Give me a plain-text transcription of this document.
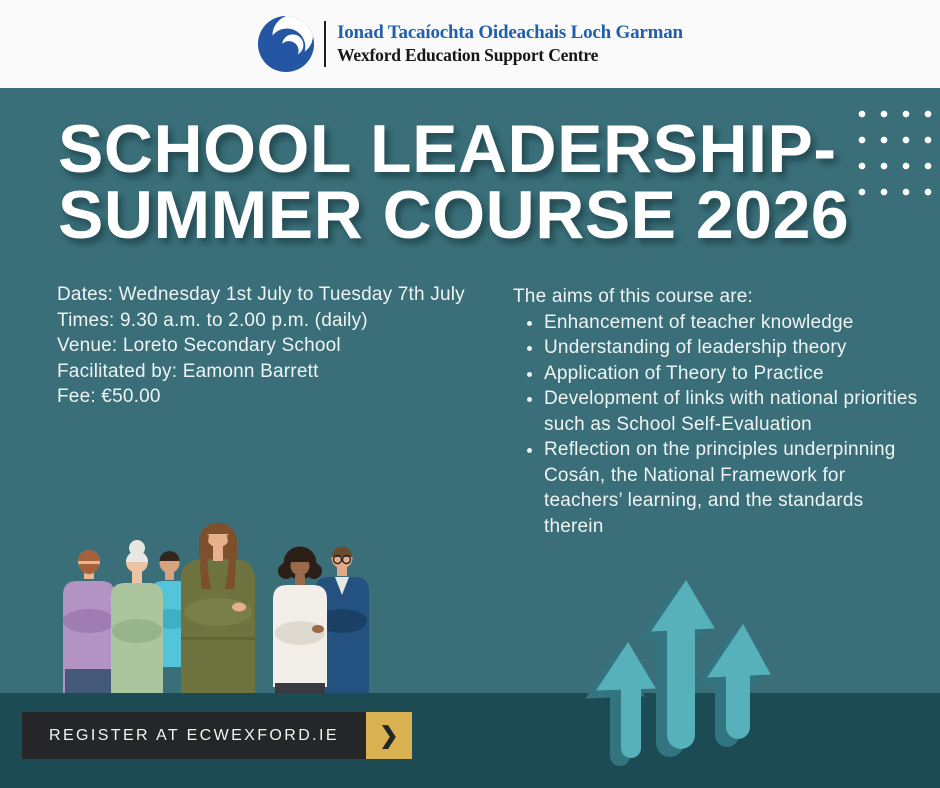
Ionad Tacaíochta Oideachais Loch Garman
Wexford Education Support Centre
SCHOOL LEADERSHIP-
SUMMER COURSE 2026
Dates: Wednesday 1st July to Tuesday 7th July
Times: 9.30 a.m. to 2.00 p.m. (daily)
Venue: Loreto Secondary School
Facilitated by: Eamonn Barrett
Fee: €50.00
The aims of this course are:
• Enhancement of teacher knowledge
• Understanding of leadership theory
• Application of Theory to Practice
• Development of links with national priorities such as School Self-Evaluation
• Reflection on the principles underpinning Cosán, the National Framework for teachers’ learning, and the standards therein
REGISTER AT ECWEXFORD.IE	❯
